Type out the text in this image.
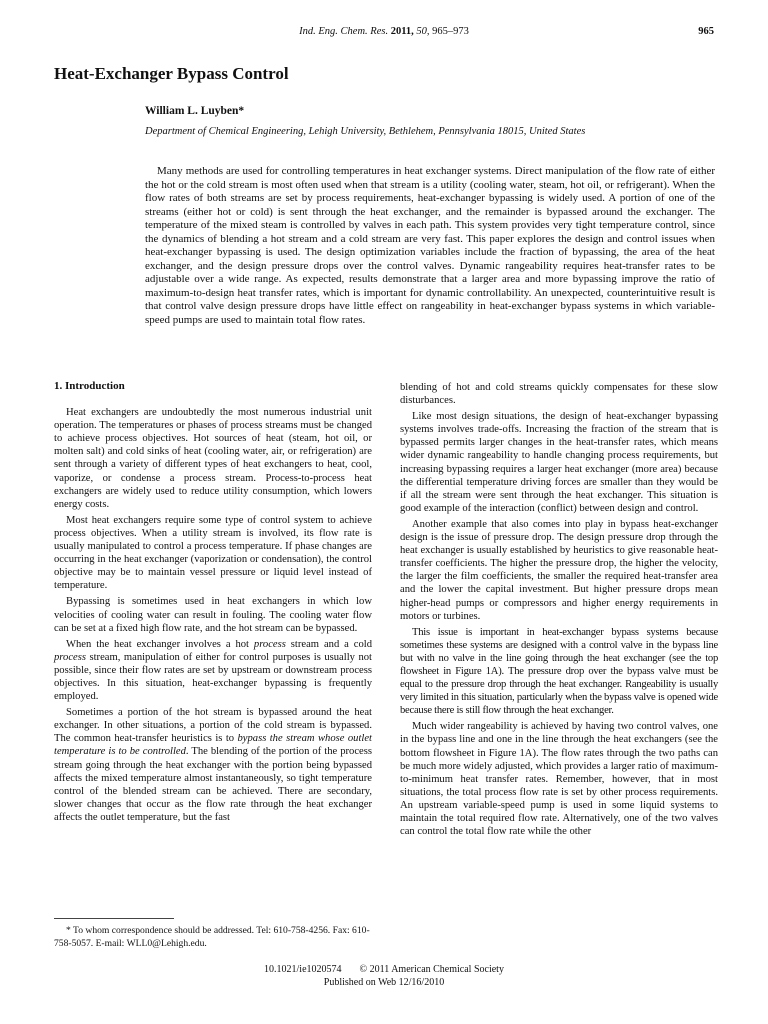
Ind. Eng. Chem. Res. 2011, 50, 965–973	965
Heat-Exchanger Bypass Control
William L. Luyben*
Department of Chemical Engineering, Lehigh University, Bethlehem, Pennsylvania 18015, United States

Many methods are used for controlling temperatures in heat exchanger systems. Direct manipulation of the flow rate of either the hot or the cold stream is most often used when that stream is a utility (cooling water, steam, hot oil, or refrigerant). When the flow rates of both streams are set by process requirements, heat-exchanger bypassing is widely used. A portion of one of the streams (either hot or cold) is sent through the heat exchanger, and the remainder is bypassed around the exchanger. The temperature of the mixed steam is controlled by valves in each path. This system provides very tight temperature control, since the dynamics of blending a hot stream and a cold stream are very fast. This paper explores the design and control issues when heat-exchanger bypassing is used. The design optimization variables include the fraction of bypassing, the area of the heat exchanger, and the design pressure drops over the control valves. Dynamic rangeability requires heat-transfer rates to be adjustable over a wide range. As expected, results demonstrate that a larger area and more bypassing improve the ratio of maximum-to-design heat transfer rates, which is important for dynamic controllability. An unexpected, counterintuitive result is that control valve design pressure drops have little effect on rangeability in heat-exchanger bypass systems in which variable-speed pumps are used to maintain total flow rates.

1. Introduction

Heat exchangers are undoubtedly the most numerous industrial unit operation. The temperatures or phases of process streams must be changed to achieve process objectives. Hot sources of heat (steam, hot oil, or molten salt) and cold sinks of heat (cooling water, air, or refrigeration) are sent through a variety of different types of heat exchangers to heat, cool, vaporize, or condense a process stream. Process-to-process heat exchangers are widely used to reduce utility consumption, which lowers energy costs.

Most heat exchangers require some type of control system to achieve process objectives. When a utility stream is involved, its flow rate is usually manipulated to control a process temperature. If phase changes are occurring in the heat exchanger (vaporization or condensation), the control objective may be to maintain vessel pressure or liquid level instead of temperature.

Bypassing is sometimes used in heat exchangers in which low velocities of cooling water can result in fouling. The cooling water flow can be set at a fixed high flow rate, and the hot stream can be bypassed.

When the heat exchanger involves a hot process stream and a cold process stream, manipulation of either for control purposes is usually not possible, since their flow rates are set by upstream or downstream process objectives. In this situation, heat-exchanger bypassing is frequently employed.

Sometimes a portion of the hot stream is bypassed around the heat exchanger. In other situations, a portion of the cold stream is bypassed. The common heat-transfer heuristics is to bypass the stream whose outlet temperature is to be controlled. The blending of the portion of the process stream going through the heat exchanger with the portion being bypassed affects the mixed temperature almost instantaneously, so tight temperature control of the blended stream can be achieved. There are secondary, slower changes that occur as the flow rate through the heat exchanger affects the outlet temperature, but the fast

blending of hot and cold streams quickly compensates for these slow disturbances.

Like most design situations, the design of heat-exchanger bypassing systems involves trade-offs. Increasing the fraction of the stream that is bypassed permits larger changes in the heat-transfer rates, which means wider dynamic rangeability to handle changing process requirements, but increasing bypassing requires a larger heat exchanger (more area) because the differential temperature driving forces are smaller than they would be if all the stream were sent through the heat exchanger. This situation is good example of the interaction (conflict) between design and control.

Another example that also comes into play in bypass heat-exchanger design is the issue of pressure drop. The design pressure drop through the heat exchanger is usually established by heuristics to give reasonable heat-transfer coefficients. The higher the pressure drop, the higher the velocity, the larger the film coefficients, the smaller the required heat-transfer area and the lower the capital investment. But higher pressure drops mean higher-head pumps or compressors and higher energy requirements in motors or turbines.

This issue is important in heat-exchanger bypass systems because sometimes these systems are designed with a control valve in the bypass line but with no valve in the line going through the heat exchanger (see the top flowsheet in Figure 1A). The pressure drop over the bypass valve must be equal to the pressure drop through the heat exchanger. Rangeability is usually very limited in this situation, particularly when the bypass valve is opened wide because there is still flow through the heat exchanger.

Much wider rangeability is achieved by having two control valves, one in the bypass line and one in the line through the heat exchangers (see the bottom flowsheet in Figure 1A). The flow rates through the two paths can be much more widely adjusted, which provides a larger ratio of maximum-to-minimum heat transfer rates. Remember, however, that in most situations, the total process flow rate is set by other process requirements. An upstream variable-speed pump is used in some liquid systems to maintain the total required flow rate. Alternatively, one of the two valves can control the total flow rate while the other

* To whom correspondence should be addressed. Tel: 610-758-4256. Fax: 610-758-5057. E-mail: WLL0@Lehigh.edu.

10.1021/ie1020574 © 2011 American Chemical Society
Published on Web 12/16/2010
